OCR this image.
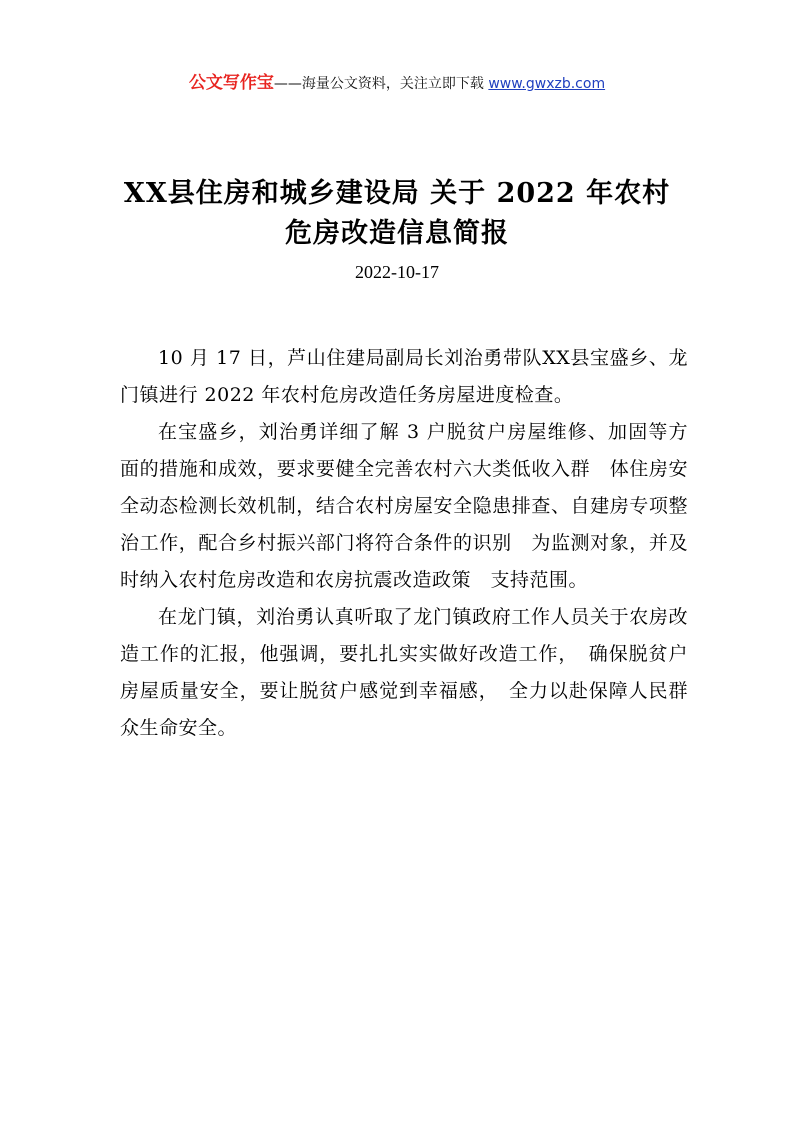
公文写作宝——海量公文资料，关注立即下载 www.gwxzb.com
XX县住房和城乡建设局 关于 2022 年农村
危房改造信息简报
2022-10-17

10 月 17 日，芦山住建局副局长刘治勇带队XX县宝盛乡、龙门镇进行 2022 年农村危房改造任务房屋进度检查。

在宝盛乡，刘治勇详细了解 3 户脱贫户房屋维修、加固等方面的措施和成效，要求要健全完善农村六大类低收入群　体住房安全动态检测长效机制，结合农村房屋安全隐患排查、自建房专项整治工作，配合乡村振兴部门将符合条件的识别　为监测对象，并及时纳入农村危房改造和农房抗震改造政策　支持范围。

在龙门镇，刘治勇认真听取了龙门镇政府工作人员关于农房改造工作的汇报，他强调，要扎扎实实做好改造工作，　确保脱贫户房屋质量安全，要让脱贫户感觉到幸福感，　全力以赴保障人民群众生命安全。
